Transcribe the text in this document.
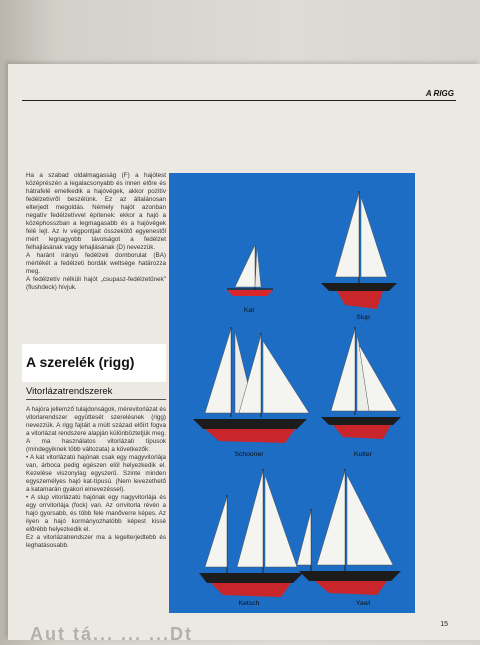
A RIGG

Ha a szabad oldalmagasság (F) a hajótest középrészén a legalacsonyabb és innen előre és hátrafelé emelkedik a hajóvégek, akkor pozitív fedélzetívről beszélünk. Ez az általánosan elterjedt megoldás. Némely hajót azonban negatív fedélzetívvel építenek: ekkor a hajó a középhosszban a legmagasabb és a hajóvégek felé lejt. Az ív végpontjait összekötő egyenestől mért legnagyobb távolságot a fedélzet felhajlásának vagy lehajlásának (D) nevezzük.

A haránt irányú fedélzeti domborulat (BA) mértékét a fedélzeti bordák weltsége határozza meg.

A fedélzetív nélküli hajót „csupasz-fedélzetűnek" (flushdeck) hívjuk.

A szerelék (rigg)
Vitorlázatrendszerek

A hajóra jellemző tulajdonságok, mérevitorlázat és vitorlarendszer együttesét szerelésnek (rigg) nevezzük. A rigg fajtáit a múlt század előírt fogva a vitorlázat rendszere alapján különböztetjük meg.

A ma használatos vitorlázati típusok (mindegyiknek több változata) a következők:

• A kat vitorlázatú hajónak csak egy magyvitorlája van, árboca pedig egészen elöl helyezkedik el. Kezelése viszonylag egyszerű. Szinte minden egyszemélyes hajó kat-típusú. (Nem levezethető a katamarán gyakori elnevezéssel).

• A slup vitorlázatú hajónak egy nagyvitorlája és egy orrvitorlája (fock) van. Az orrvitorla révén a hajó gyorsabb, és több fele manőverre képes. Az ilyen a hajó kormányozhatóbb képest kissé előrébb helyezkedik el.

Ez a vitorlázatrendszer ma a legelterjedtebb és leghatásosabb.

Kat
Slup
Schooner	Kutter
Ketsch	Yawl
15
Aut tá... ... ...Dt
